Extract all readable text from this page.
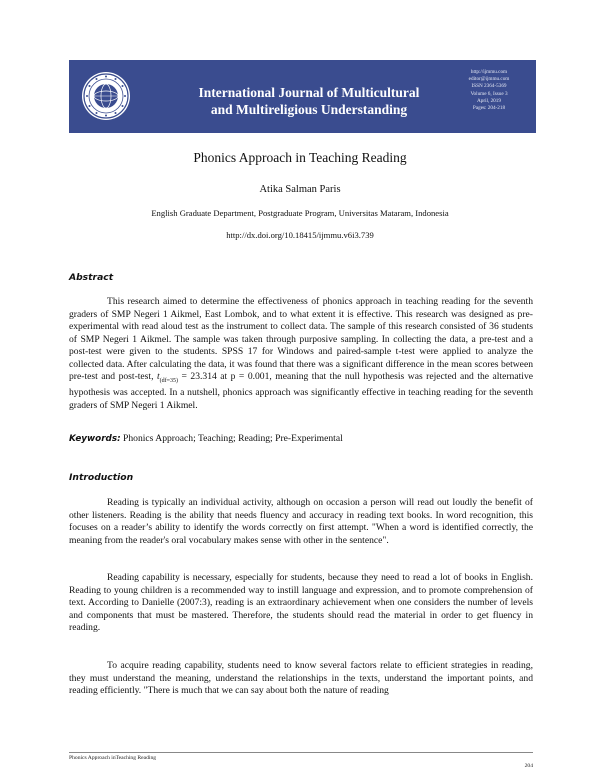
International Journal of Multicultural
and Multireligious Understanding
http://ijmmu.com
editor@ijmmu.com
ISSN 2364-5369
Volume 6, Issue 3
April, 2019
Pages: 204-218
Phonics Approach in Teaching Reading
Atika Salman Paris
English Graduate Department, Postgraduate Program, Universitas Mataram, Indonesia
http://dx.doi.org/10.18415/ijmmu.v6i3.739
Abstract

This research aimed to determine the effectiveness of phonics approach in teaching reading for the seventh graders of SMP Negeri 1 Aikmel, East Lombok, and to what extent it is effective. This research was designed as pre-experimental with read aloud test as the instrument to collect data. The sample of this research consisted of 36 students of SMP Negeri 1 Aikmel. The sample was taken through purposive sampling. In collecting the data, a pre-test and a post-test were given to the students. SPSS 17 for Windows and paired-sample t-test were applied to analyze the collected data. After calculating the data, it was found that there was a significant difference in the mean scores between pre-test and post-test, $t_{(df=35)} = 23.314$ at p = 0.001, meaning that the null hypothesis was rejected and the alternative hypothesis was accepted. In a nutshell, phonics approach was significantly effective in teaching reading for the seventh graders of SMP Negeri 1 Aikmel.

Keywords: Phonics Approach; Teaching; Reading; Pre-Experimental
Introduction

Reading is typically an individual activity, although on occasion a person will read out loudly the benefit of other listeners. Reading is the ability that needs fluency and accuracy in reading text books. In word recognition, this focuses on a reader’s ability to identify the words correctly on first attempt. "When a word is identified correctly, the meaning from the reader's oral vocabulary makes sense with other in the sentence".

Reading capability is necessary, especially for students, because they need to read a lot of books in English. Reading to young children is a recommended way to instill language and expression, and to promote comprehension of text. According to Danielle (2007:3), reading is an extraordinary achievement when one considers the number of levels and components that must be mastered. Therefore, the students should read the material in order to get fluency in reading.

To acquire reading capability, students need to know several factors relate to efficient strategies in reading, they must understand the meaning, understand the relationships in the texts, understand the important points, and reading efficiently. "There is much that we can say about both the nature of reading

Phonics Approach inTeaching Reading
204
